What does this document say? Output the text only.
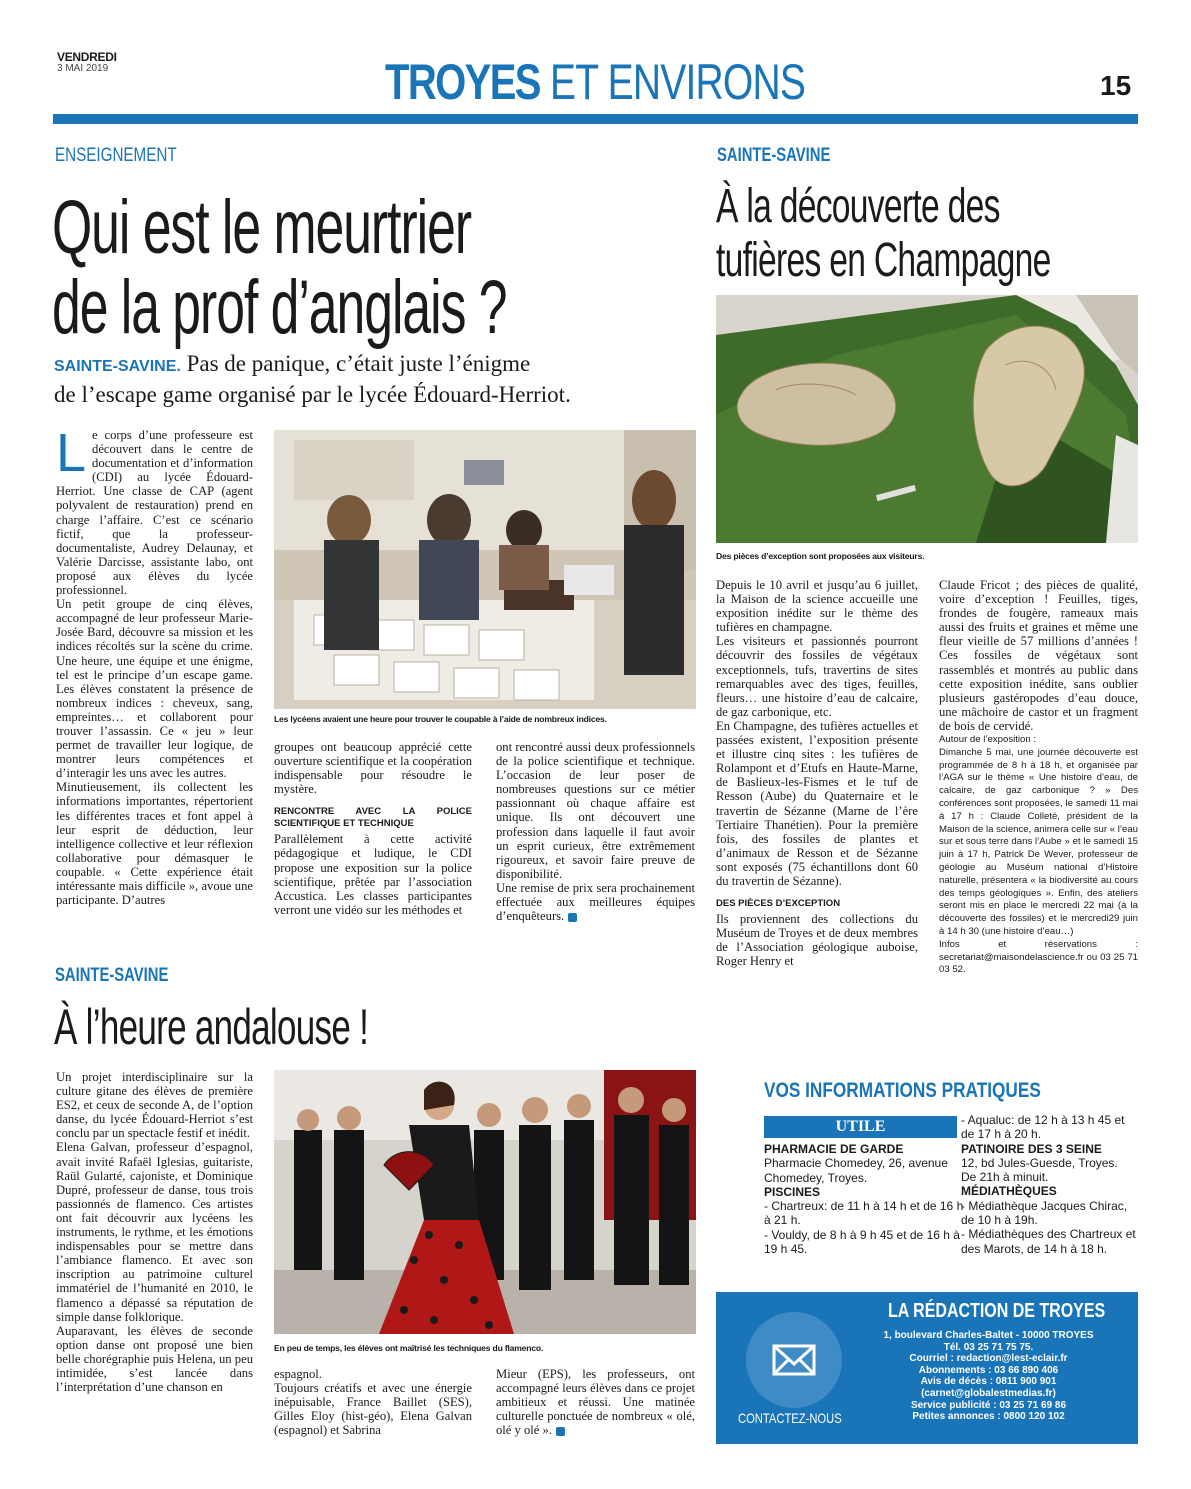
VENDREDI
3 MAI 2019	TROYES ET ENVIRONS	15
ENSEIGNEMENT
Qui est le meurtrier
de la prof d’anglais ?
SAINTE-SAVINE. Pas de panique, c’était juste l’énigme
de l’escape game organisé par le lycée Édouard-Herriot.
L e corps d’une professeure est découvert dans le centre de documentation et d’information (CDI) au lycée Édouard-Herriot. Une classe de CAP (agent polyvalent de restauration) prend en charge l’affaire. C’est ce scénario fictif, que la professeur-documentaliste, Audrey Delaunay, et Valérie Darcisse, assistante labo, ont proposé aux élèves du lycée professionnel.

Un petit groupe de cinq élèves, accompagné de leur professeur Marie-Josée Bard, découvre sa mission et les indices récoltés sur la scène du crime. Une heure, une équipe et une énigme, tel est le principe d’un escape game. Les élèves constatent la présence de nombreux indices : cheveux, sang, empreintes… et collaborent pour trouver l’assassin. Ce « jeu » leur permet de travailler leur logique, de montrer leurs compétences et d’interagir les uns avec les autres.

Minutieusement, ils collectent les informations importantes, répertorient les différentes traces et font appel à leur esprit de déduction, leur intelligence collective et leur réflexion collaborative pour démasquer le coupable. « Cette expérience était intéressante mais difficile », avoue une participante. D’autres

Les lycéens avaient une heure pour trouver le coupable à l’aide de nombreux indices.

groupes ont beaucoup apprécié cette ouverture scientifique et la coopération indispensable pour résoudre le mystère.

RENCONTRE AVEC LA POLICE SCIENTIFIQUE ET TECHNIQUE

Parallèlement à cette activité pédagogique et ludique, le CDI propose une exposition sur la police scientifique, prêtée par l’association Accustica. Les classes participantes verront une vidéo sur les méthodes et

ont rencontré aussi deux professionnels de la police scientifique et technique. L’occasion de leur poser de nombreuses questions sur ce métier passionnant où chaque affaire est unique. Ils ont découvert une profession dans laquelle il faut avoir un esprit curieux, être extrêmement rigoureux, et savoir faire preuve de disponibilité.

Une remise de prix sera prochainement effectuée aux meilleures équipes d’enquêteurs.

SAINTE-SAVINE
À la découverte des
tufières en Champagne
Des pièces d’exception sont proposées aux visiteurs.

Depuis le 10 avril et jusqu’au 6 juillet, la Maison de la science accueille une exposition inédite sur le thème des tufières en champagne.

Les visiteurs et passionnés pourront découvrir des fossiles de végétaux exceptionnels, tufs, travertins de sites remarquables avec des tiges, feuilles, fleurs… une histoire d’eau de calcaire, de gaz carbonique, etc.

En Champagne, des tufières actuelles et passées existent, l’exposition présente et illustre cinq sites : les tufières de Rolampont et d’Etufs en Haute-Marne, de Baslieux-les-Fismes et le tuf de Resson (Aube) du Quaternaire et le travertin de Sézanne (Marne de l’ère Tertiaire Thanétien). Pour la première fois, des fossiles de plantes et d’animaux de Resson et de Sézanne sont exposés (75 échantillons dont 60 du travertin de Sézanne).

DES PIÈCES D’EXCEPTION

Ils proviennent des collections du Muséum de Troyes et de deux membres de l’Association géologique auboise, Roger Henry et

Claude Fricot ; des pièces de qualité, voire d’exception ! Feuilles, tiges, frondes de fougère, rameaux mais aussi des fruits et graines et même une fleur vieille de 57 millions d’années ! Ces fossiles de végétaux sont rassemblés et montrés au public dans cette exposition inédite, sans oublier plusieurs gastéropodes d’eau douce, une mâchoire de castor et un fragment de bois de cervidé.

Autour de l’exposition :
Dimanche 5 mai, une journée découverte est programmée de 8 h à 18 h, et organisée par l’AGA sur le thème « Une histoire d’eau, de calcaire, de gaz carbonique ? » Des conférences sont proposées, le samedi 11 mai à 17 h : Claude Colleté, président de la Maison de la science, animera celle sur « l’eau sur et sous terre dans l’Aube » et le samedi 15 juin à 17 h, Patrick De Wever, professeur de géologie au Muséum national d’Histoire naturelle, présentera « la biodiversité au cours des temps géologiques ». Enfin, des ateliers seront mis en place le mercredi 22 mai (à la découverte des fossiles) et le mercredi29 juin à 14 h 30 (une histoire d’eau…)
Infos et réservations : secretariat@maisondelascience.fr ou 03 25 71 03 52.
SAINTE-SAVINE
À l’heure andalouse !

Un projet interdisciplinaire sur la culture gitane des élèves de première ES2, et ceux de seconde A, de l’option danse, du lycée Édouard-Herriot s’est conclu par un spectacle festif et inédit.

Elena Galvan, professeur d’espagnol, avait invité Rafaël Iglesias, guitariste, Raül Gularté, cajoniste, et Dominique Dupré, professeur de danse, tous trois passionnés de flamenco. Ces artistes ont fait découvrir aux lycéens les instruments, le rythme, et les émotions indispensables pour se mettre dans l’ambiance flamenco. Et avec son inscription au patrimoine culturel immatériel de l’humanité en 2010, le flamenco a dépassé sa réputation de simple danse folklorique.

Auparavant, les élèves de seconde option danse ont proposé une bien belle chorégraphie puis Helena, un peu intimidée, s’est lancée dans l’interprétation d’une chanson en

En peu de temps, les élèves ont maîtrisé les techniques du flamenco.

espagnol.

Toujours créatifs et avec une énergie inépuisable, France Baillet (SES), Gilles Eloy (hist-géo), Elena Galvan (espagnol) et Sabrina

Mieur (EPS), les professeurs, ont accompagné leurs élèves dans ce projet ambitieux et réussi. Une matinée culturelle ponctuée de nombreux « olé, olé y olé ».

VOS INFORMATIONS PRATIQUES
UTILE
PHARMACIE DE GARDE
Pharmacie Chomedey, 26, avenue Chomedey, Troyes.
PISCINES
- Chartreux: de 11 h à 14 h et de 16 h à 21 h.
- Vouldy, de 8 h à 9 h 45 et de 16 h à 19 h 45.
- Aqualuc: de 12 h à 13 h 45 et de 17 h à 20 h.
PATINOIRE DES 3 SEINE
12, bd Jules-Guesde, Troyes. De 21h à minuit.
MÉDIATHÈQUES
- Médiathèque Jacques Chirac, de 10 h à 19h.
- Médiathèques des Chartreux et des Marots, de 14 h à 18 h.
CONTACTEZ-NOUS
LA RÉDACTION DE TROYES
1, boulevard Charles-Baltet - 10000 TROYES
Tél. 03 25 71 75 75.
Courriel : redaction@lest-eclair.fr
Abonnements : 03 66 890 406
Avis de décès : 0811 900 901
(carnet@globalestmedias.fr)
Service publicité : 03 25 71 69 86
Petites annonces : 0800 120 102
